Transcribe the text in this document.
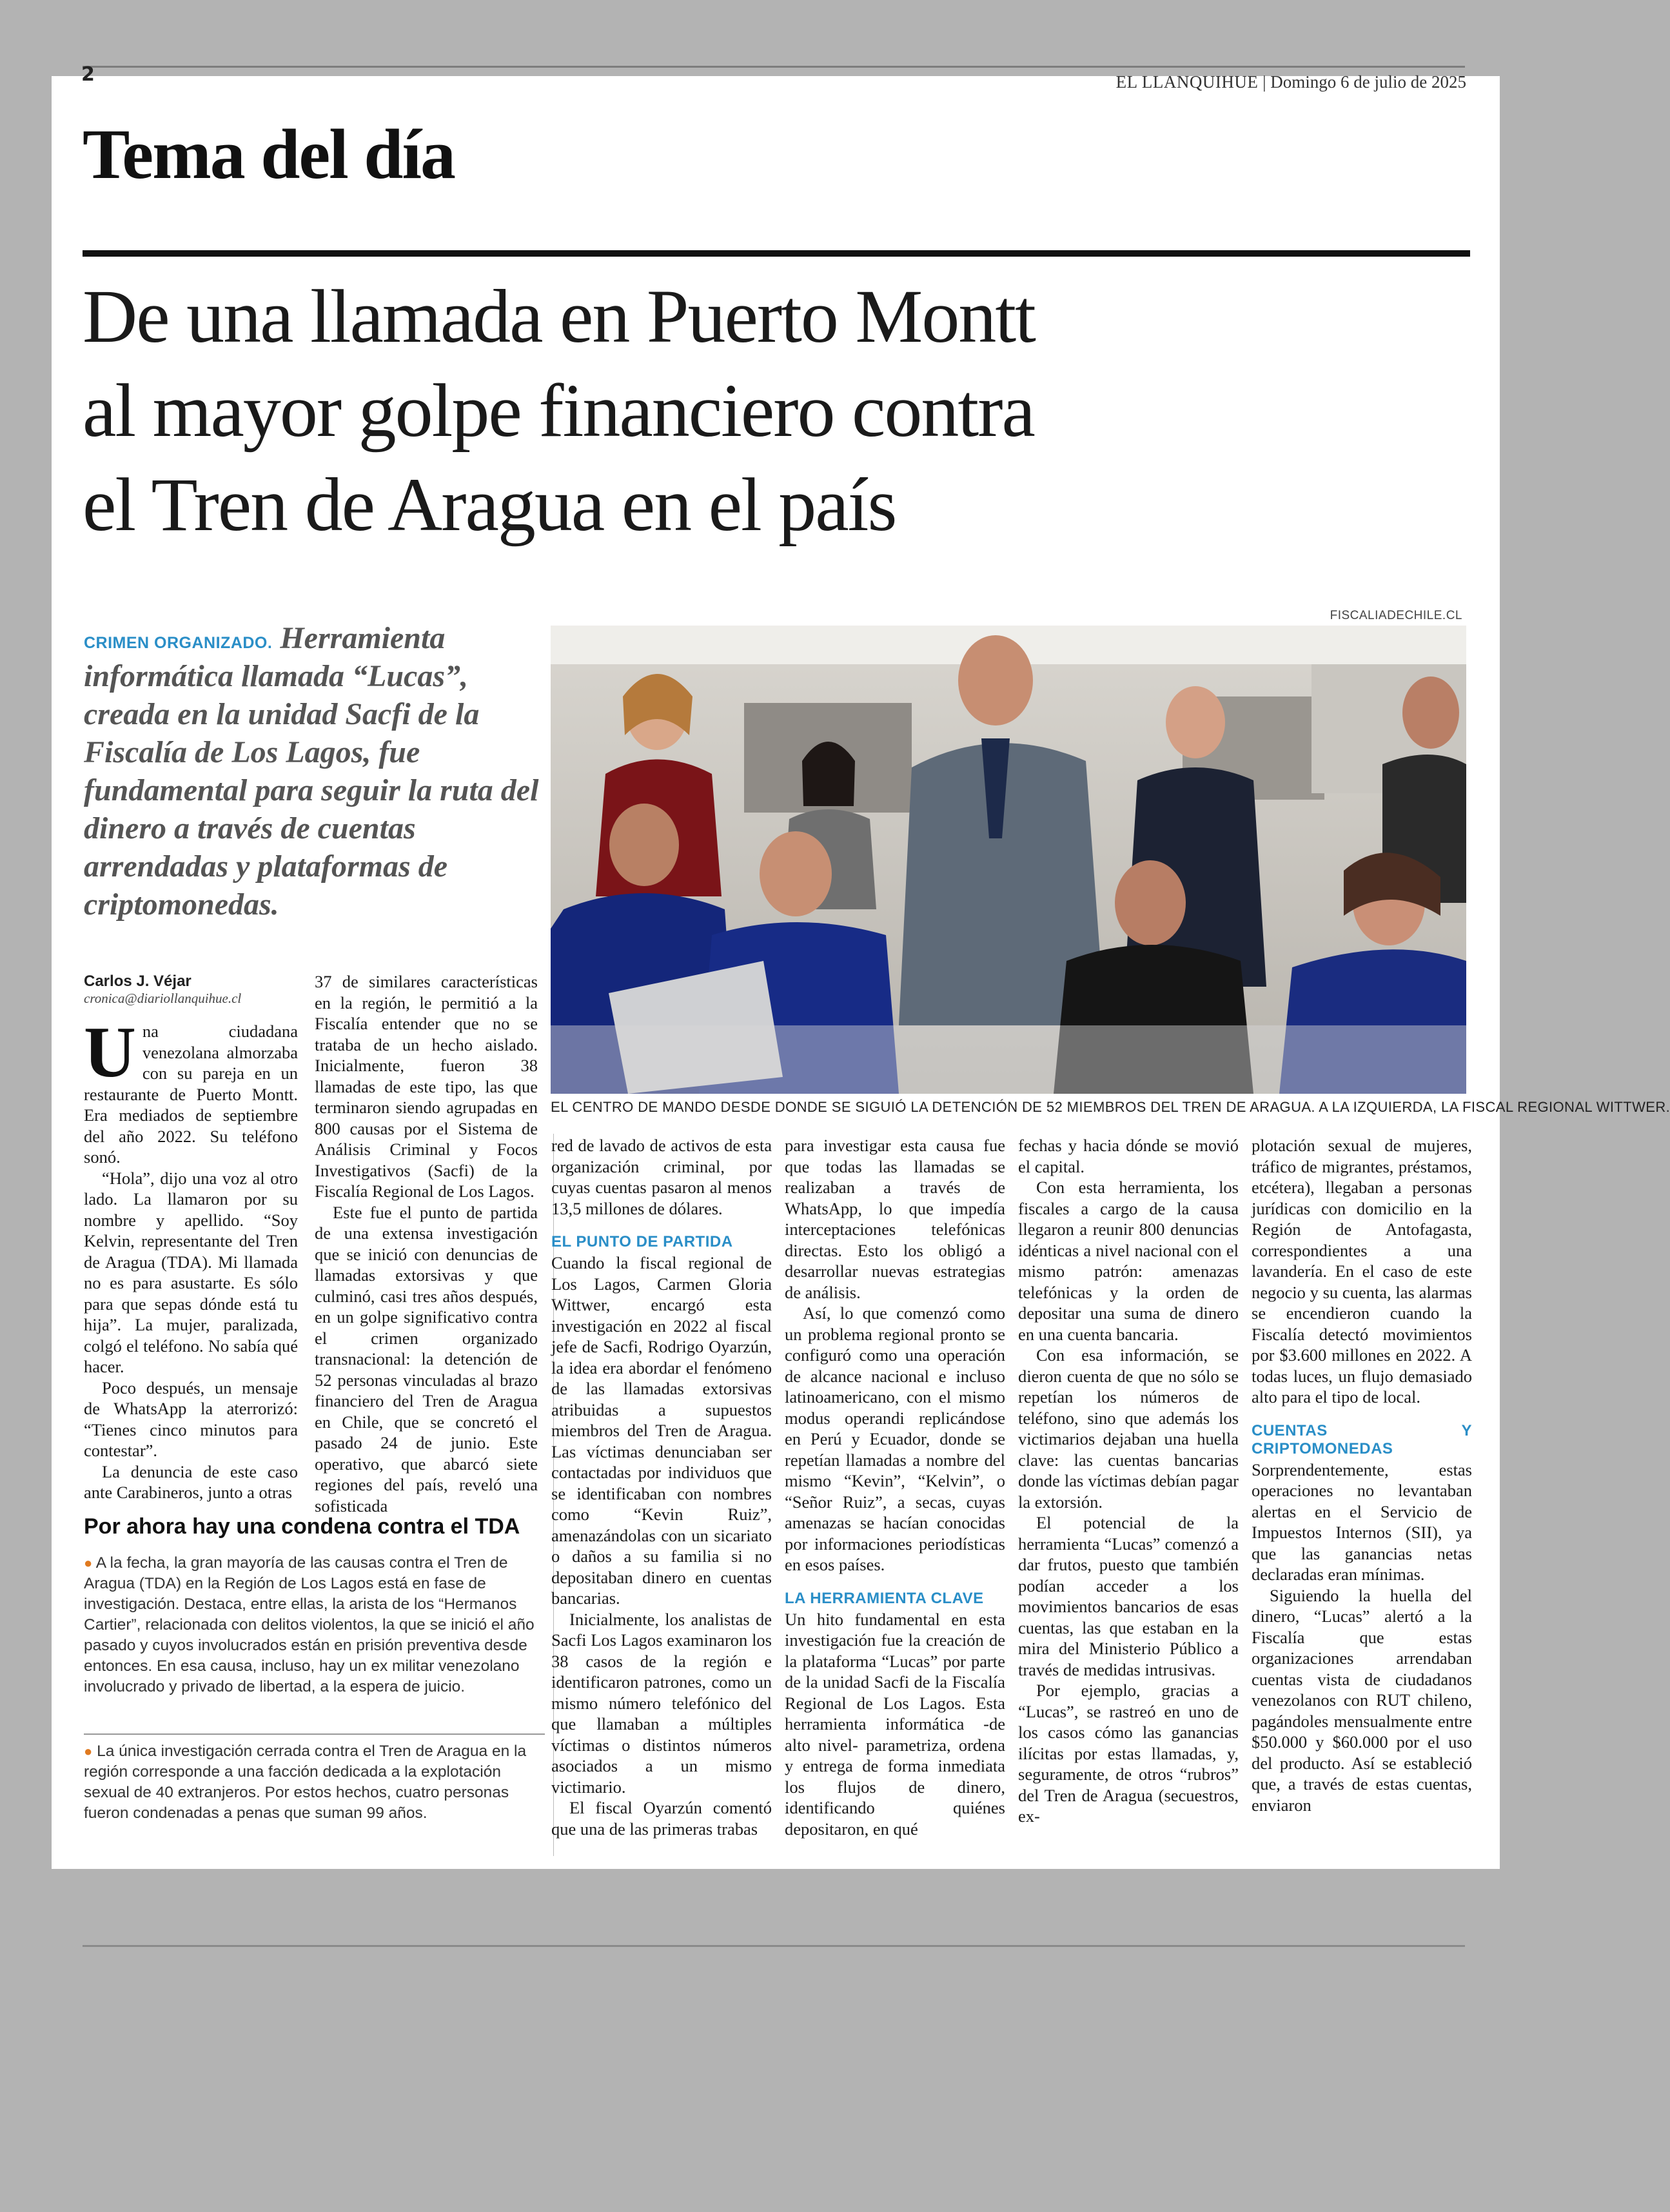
2	EL LLANQUIHUE | Domingo 6 de julio de 2025
Tema del día
De una llamada en Puerto Montt
al mayor golpe financiero contra
el Tren de Aragua en el país
CRIMEN ORGANIZADO. Herramienta informática llamada “Lucas”, creada en la unidad Sacfi de la Fiscalía de Los Lagos, fue fundamental para seguir la ruta del dinero a través de cuentas arrendadas y plataformas de criptomonedas.
FISCALIADECHILE.CL
EL CENTRO DE MANDO DESDE DONDE SE SIGUIÓ LA DETENCIÓN DE 52 MIEMBROS DEL TREN DE ARAGUA. A LA IZQUIERDA, LA FISCAL REGIONAL WITTWER.
Carlos J. Véjar
cronica@diariollanquihue.cl

Una ciudadana venezolana almorzaba con su pareja en un restaurante de Puerto Montt. Era mediados de septiembre del año 2022. Su teléfono sonó.

“Hola”, dijo una voz al otro lado. La llamaron por su nombre y apellido. “Soy Kelvin, representante del Tren de Aragua (TDA). Mi llamada no es para asustarte. Es sólo para que sepas dónde está tu hija”. La mujer, paralizada, colgó el teléfono. No sabía qué hacer.

Poco después, un mensaje de WhatsApp la aterrorizó: “Tienes cinco minutos para contestar”.

La denuncia de este caso ante Carabineros, junto a otras

37 de similares características en la región, le permitió a la Fiscalía entender que no se trataba de un hecho aislado. Inicialmente, fueron 38 llamadas de este tipo, las que terminaron siendo agrupadas en 800 causas por el Sistema de Análisis Criminal y Focos Investigativos (Sacfi) de la Fiscalía Regional de Los Lagos.

Este fue el punto de partida de una extensa investigación que se inició con denuncias de llamadas extorsivas y que culminó, casi tres años después, en un golpe significativo contra el crimen organizado transnacional: la detención de 52 personas vinculadas al brazo financiero del Tren de Aragua en Chile, que se concretó el pasado 24 de junio. Este operativo, que abarcó siete regiones del país, reveló una sofisticada

Por ahora hay una condena contra el TDA
● A la fecha, la gran mayoría de las causas contra el Tren de Aragua (TDA) en la Región de Los Lagos está en fase de investigación. Destaca, entre ellas, la arista de los “Hermanos Cartier”, relacionada con delitos violentos, la que se inició el año pasado y cuyos involucrados están en prisión preventiva desde entonces. En esa causa, incluso, hay un ex militar venezolano involucrado y privado de libertad, a la espera de juicio.
● La única investigación cerrada contra el Tren de Aragua en la región corresponde a una facción dedicada a la explotación sexual de 40 extranjeros. Por estos hechos, cuatro personas fueron condenadas a penas que suman 99 años.

red de lavado de activos de esta organización criminal, por cuyas cuentas pasaron al menos 13,5 millones de dólares.

EL PUNTO DE PARTIDA

Cuando la fiscal regional de Los Lagos, Carmen Gloria Wittwer, encargó esta investigación en 2022 al fiscal jefe de Sacfi, Rodrigo Oyarzún, la idea era abordar el fenómeno de las llamadas extorsivas atribuidas a supuestos miembros del Tren de Aragua. Las víctimas denunciaban ser contactadas por individuos que se identificaban con nombres como “Kevin Ruiz”, amenazándolas con un sicariato o daños a su familia si no depositaban dinero en cuentas bancarias.

Inicialmente, los analistas de Sacfi Los Lagos examinaron los 38 casos de la región e identificaron patrones, como un mismo número telefónico del que llamaban a múltiples víctimas o distintos números asociados a un mismo victimario.

El fiscal Oyarzún comentó que una de las primeras trabas

para investigar esta causa fue que todas las llamadas se realizaban a través de WhatsApp, lo que impedía interceptaciones telefónicas directas. Esto los obligó a desarrollar nuevas estrategias de análisis.

Así, lo que comenzó como un problema regional pronto se configuró como una operación de alcance nacional e incluso latinoamericano, con el mismo modus operandi replicándose en Perú y Ecuador, donde se repetían llamadas a nombre del mismo “Kevin”, “Kelvin”, o “Señor Ruiz”, a secas, cuyas amenazas se hacían conocidas por informaciones periodísticas en esos países.

LA HERRAMIENTA CLAVE

Un hito fundamental en esta investigación fue la creación de la plataforma “Lucas” por parte de la unidad Sacfi de la Fiscalía Regional de Los Lagos. Esta herramienta informática -de alto nivel- parametriza, ordena y entrega de forma inmediata los flujos de dinero, identificando quiénes depositaron, en qué

fechas y hacia dónde se movió el capital.

Con esta herramienta, los fiscales a cargo de la causa llegaron a reunir 800 denuncias idénticas a nivel nacional con el mismo patrón: amenazas telefónicas y la orden de depositar una suma de dinero en una cuenta bancaria.

Con esa información, se dieron cuenta de que no sólo se repetían los números de teléfono, sino que además los victimarios dejaban una huella clave: las cuentas bancarias donde las víctimas debían pagar la extorsión.

El potencial de la herramienta “Lucas” comenzó a dar frutos, puesto que también podían acceder a los movimientos bancarios de esas cuentas, las que estaban en la mira del Ministerio Público a través de medidas intrusivas.

Por ejemplo, gracias a “Lucas”, se rastreó en uno de los casos cómo las ganancias ilícitas por estas llamadas, y, seguramente, de otros “rubros” del Tren de Aragua (secuestros, ex-

plotación sexual de mujeres, tráfico de migrantes, préstamos, etcétera), llegaban a personas jurídicas con domicilio en la Región de Antofagasta, correspondientes a una lavandería. En el caso de este negocio y su cuenta, las alarmas se encendieron cuando la Fiscalía detectó movimientos por $3.600 millones en 2022. A todas luces, un flujo demasiado alto para el tipo de local.

CUENTAS Y CRIPTOMONEDAS

Sorprendentemente, estas operaciones no levantaban alertas en el Servicio de Impuestos Internos (SII), ya que las ganancias netas declaradas eran mínimas.

Siguiendo la huella del dinero, “Lucas” alertó a la Fiscalía que estas organizaciones arrendaban cuentas vista de ciudadanos venezolanos con RUT chileno, pagándoles mensualmente entre $50.000 y $60.000 por el uso del producto. Así se estableció que, a través de estas cuentas, enviaron
